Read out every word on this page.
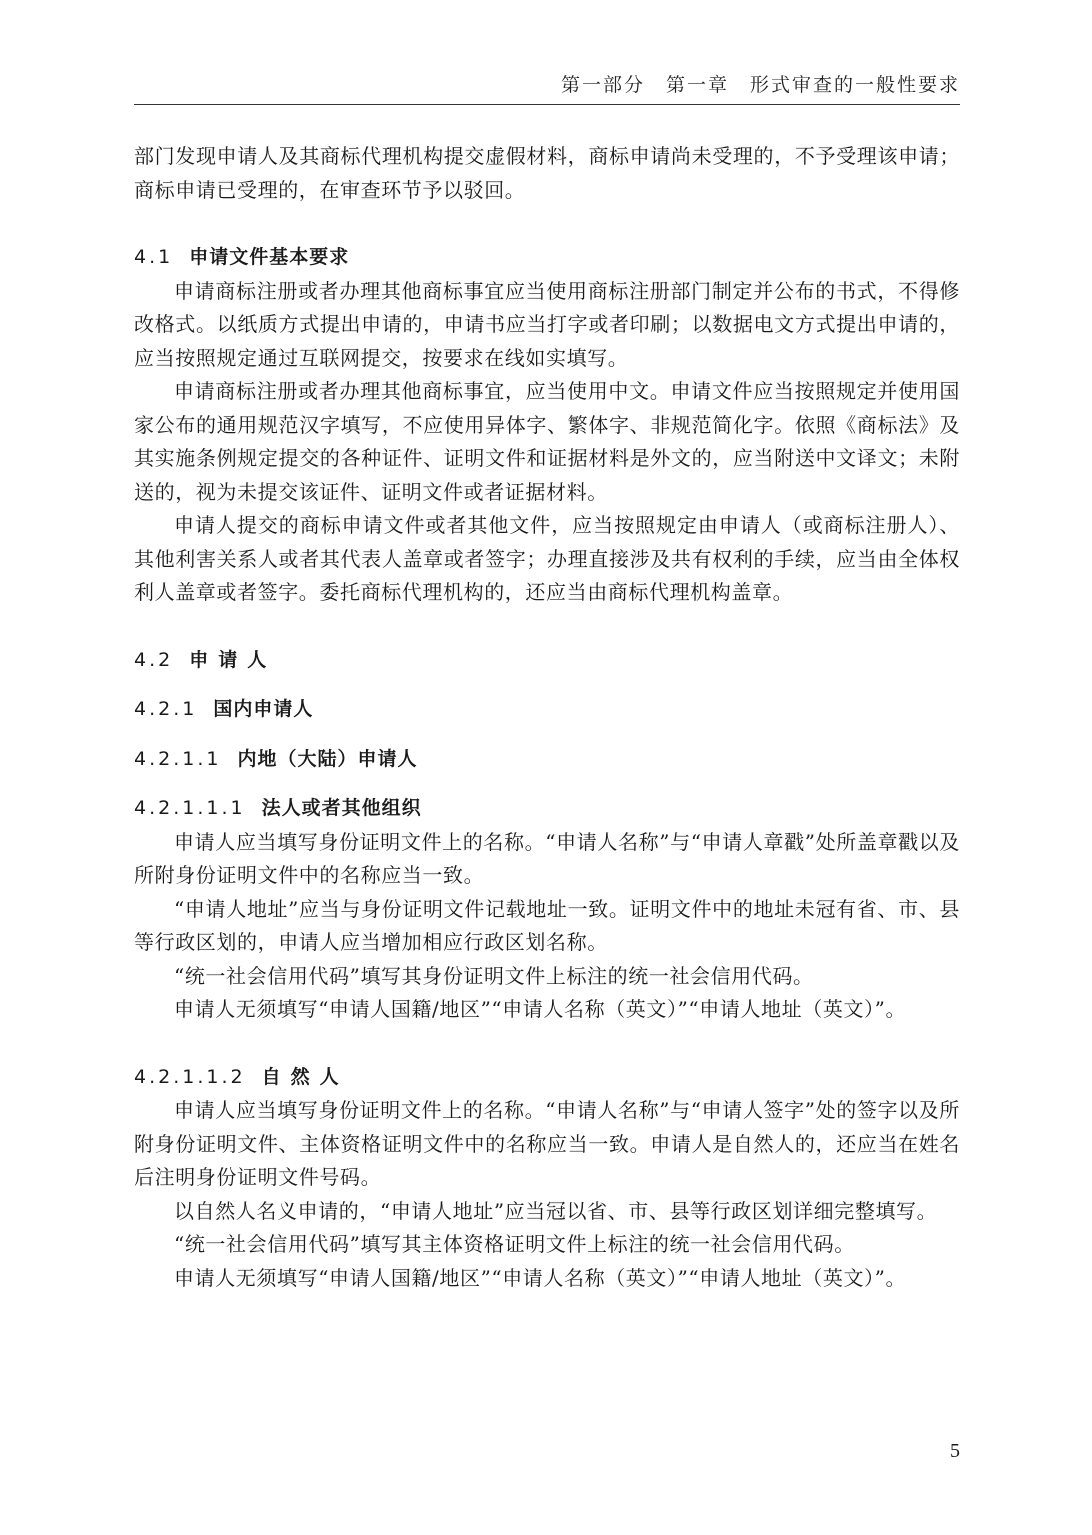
第一部分　第一章　形式审查的一般性要求

部门发现申请人及其商标代理机构提交虚假材料，商标申请尚未受理的，不予受理该申请；商标申请已受理的，在审查环节予以驳回。

4.1 申请文件基本要求

申请商标注册或者办理其他商标事宜应当使用商标注册部门制定并公布的书式，不得修改格式。以纸质方式提出申请的，申请书应当打字或者印刷；以数据电文方式提出申请的，应当按照规定通过互联网提交，按要求在线如实填写。

申请商标注册或者办理其他商标事宜，应当使用中文。申请文件应当按照规定并使用国家公布的通用规范汉字填写，不应使用异体字、繁体字、非规范简化字。依照《商标法》及其实施条例规定提交的各种证件、证明文件和证据材料是外文的，应当附送中文译文；未附送的，视为未提交该证件、证明文件或者证据材料。

申请人提交的商标申请文件或者其他文件，应当按照规定由申请人（或商标注册人）、其他利害关系人或者其代表人盖章或者签字；办理直接涉及共有权利的手续，应当由全体权利人盖章或者签字。委托商标代理机构的，还应当由商标代理机构盖章。

4.2 申请人
4.2.1 国内申请人
4.2.1.1 内地（大陆）申请人
4.2.1.1.1 法人或者其他组织

申请人应当填写身份证明文件上的名称。“申请人名称”与“申请人章戳”处所盖章戳以及所附身份证明文件中的名称应当一致。

“申请人地址”应当与身份证明文件记载地址一致。证明文件中的地址未冠有省、市、县等行政区划的，申请人应当增加相应行政区划名称。

“统一社会信用代码”填写其身份证明文件上标注的统一社会信用代码。

申请人无须填写“申请人国籍/地区”“申请人名称（英文）”“申请人地址（英文）”。

4.2.1.1.2 自然人

申请人应当填写身份证明文件上的名称。“申请人名称”与“申请人签字”处的签字以及所附身份证明文件、主体资格证明文件中的名称应当一致。申请人是自然人的，还应当在姓名后注明身份证明文件号码。

以自然人名义申请的，“申请人地址”应当冠以省、市、县等行政区划详细完整填写。

“统一社会信用代码”填写其主体资格证明文件上标注的统一社会信用代码。

申请人无须填写“申请人国籍/地区”“申请人名称（英文）”“申请人地址（英文）”。

5
